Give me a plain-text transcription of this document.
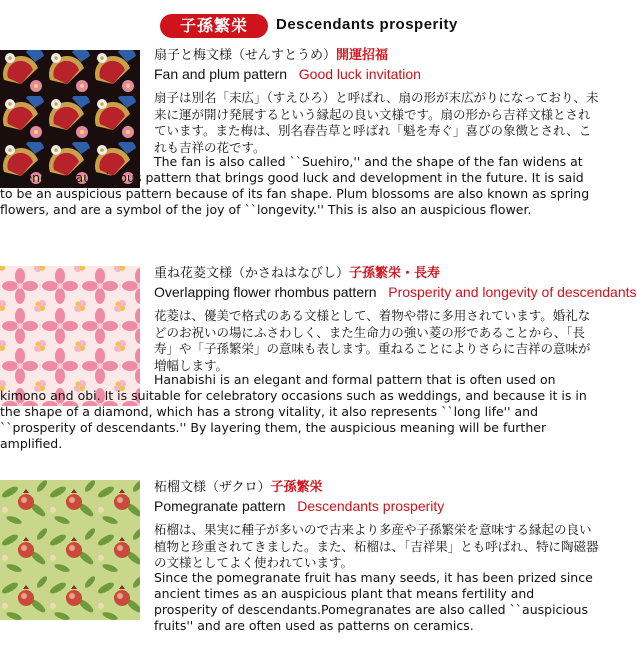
子孫繁栄	Descendants prosperity
扇子と梅文様（せんすとうめ）開運招福
Fan and plum pattern Good luck invitation

扇子は別名「末広」（すえひろ）と呼ばれ、扇の形が末広がりになっており、未来に運が開け発展するという縁起の良い文様です。扇の形から吉祥文様とされています。また梅は、別名春告草と呼ばれ「魁を寿ぐ」喜びの象徴とされ、これも吉祥の花です。

The fan is also called ``Suehiro,'' and the shape of the fan widens at the end, an auspicious pattern that brings good luck and development in the future. It is said to be an auspicious pattern because of its fan shape. Plum blossoms are also known as spring flowers, and are a symbol of the joy of ``longevity.'' This is also an auspicious flower.

重ね花菱文様（かさねはなびし）子孫繁栄・長寿
Overlapping flower rhombus pattern Prosperity and longevity of descendants

花菱は、優美で格式のある文様として、着物や帯に多用されています。婚礼などのお祝いの場にふさわしく、また生命力の強い菱の形であることから、「長寿」や「子孫繁栄」の意味も表します。重ねることによりさらに吉祥の意味が増幅します。

Hanabishi is an elegant and formal pattern that is often used on kimono and obi. It is suitable for celebratory occasions such as weddings, and because it is in the shape of a diamond, which has a strong vitality, it also represents ``long life'' and ``prosperity of descendants.'' By layering them, the auspicious meaning will be further amplified.

柘榴文様（ザクロ）子孫繁栄
Pomegranate pattern Descendants prosperity

柘榴は、果実に種子が多いので古来より多産や子孫繁栄を意味する縁起の良い植物と珍重されてきました。また、柘榴は、「吉祥果」とも呼ばれ、特に陶磁器の文様としてよく使われています。

Since the pomegranate fruit has many seeds, it has been prized since ancient times as an auspicious plant that means fertility and prosperity of descendants.Pomegranates are also called ``auspicious fruits'' and are often used as patterns on ceramics.
